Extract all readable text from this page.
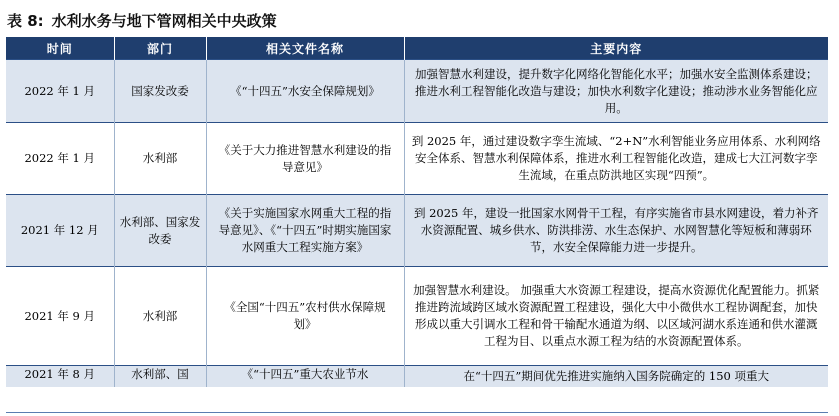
表 8: 水利水务与地下管网相关中央政策
时间	部门	相关文件名称	主要内容
2022 年 1 月	国家发改委	《“十四五”水安全保障规划》	加强智慧水利建设，提升数字化网络化智能化水平；加强水安全监测体系建设；推进水利工程智能化改造与建设；加快水利数字化建设；推动涉水业务智能化应用。
2022 年 1 月	水利部	《关于大力推进智慧水利建设的指导意见》	到 2025 年，通过建设数字孪生流域、“2+N”水利智能业务应用体系、水利网络安全体系、智慧水利保障体系，推进水利工程智能化改造，建成七大江河数字孪生流域，在重点防洪地区实现“四预”。
2021 年 12 月	水利部、国家发改委	《关于实施国家水网重大工程的指导意见》、《“十四五”时期实施国家水网重大工程实施方案》	到 2025 年，建设一批国家水网骨干工程，有序实施省市县水网建设，着力补齐水资源配置、城乡供水、防洪排涝、水生态保护、水网智慧化等短板和薄弱环节，水安全保障能力进一步提升。
2021 年 9 月	水利部	《全国“十四五”农村供水保障规划》	加强智慧水利建设。 加强重大水资源工程建设，提高水资源优化配置能力。抓紧推进跨流域跨区域水资源配置工程建设，强化大中小微供水工程协调配套，加快形成以重大引调水工程和骨干输配水通道为纲、以区域河湖水系连通和供水灌溉工程为目、以重点水源工程为结的水资源配置体系。
2021 年 8 月	水利部、国	《“十四五”重大农业节水	在“十四五”期间优先推进实施纳入国务院确定的 150 项重大
